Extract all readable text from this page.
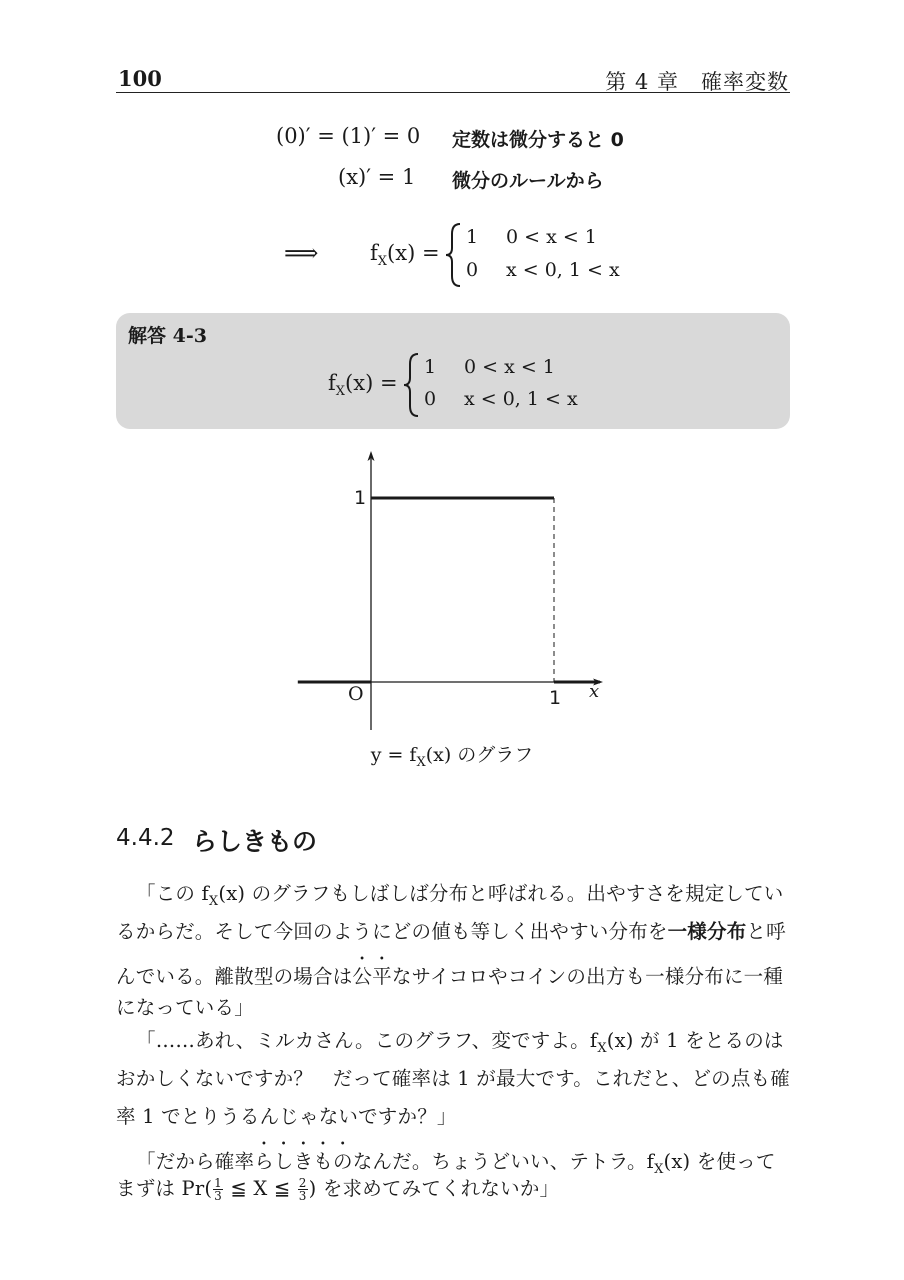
100	第 4 章　確率変数
(0)′ = (1)′ = 0 定数は微分すると 0
(x)′ = 1 微分のルールから
⟹ $f_X(x)$ =
1 0 < x < 1
0 x < 0, 1 < x
解答 4-3
$f_X(x)$ =
1 0 < x < 1
0 x < 0, 1 < x
1
O	1 x
$y = f_X(x)$ のグラフ
4.4.2 らしきもの
「この $f_X(x)$ のグラフもしばしば分布と呼ばれる。出やすさを規定してい
るからだ。そして今回のようにどの値も等しく出やすい分布を一様分布と呼
んでいる。離散型の場合は公平なサイコロやコインの出方も一様分布に一種
になっている」
「……あれ、ミルカさん。このグラフ、変ですよ。$f_X(x)$ が 1 をとるのは
おかしくないですか？　だって確率は 1 が最大です。これだと、どの点も確
率 1 でとりうるんじゃないですか？」
「だから確率らしきものなんだ。ちょうどいい、テトラ。$f_X(x)$ を使って
まずは $Pr( \frac{1}{3}$ ≦ X ≦ $\frac{2}{3}$ ) を求めてみてくれないか」
